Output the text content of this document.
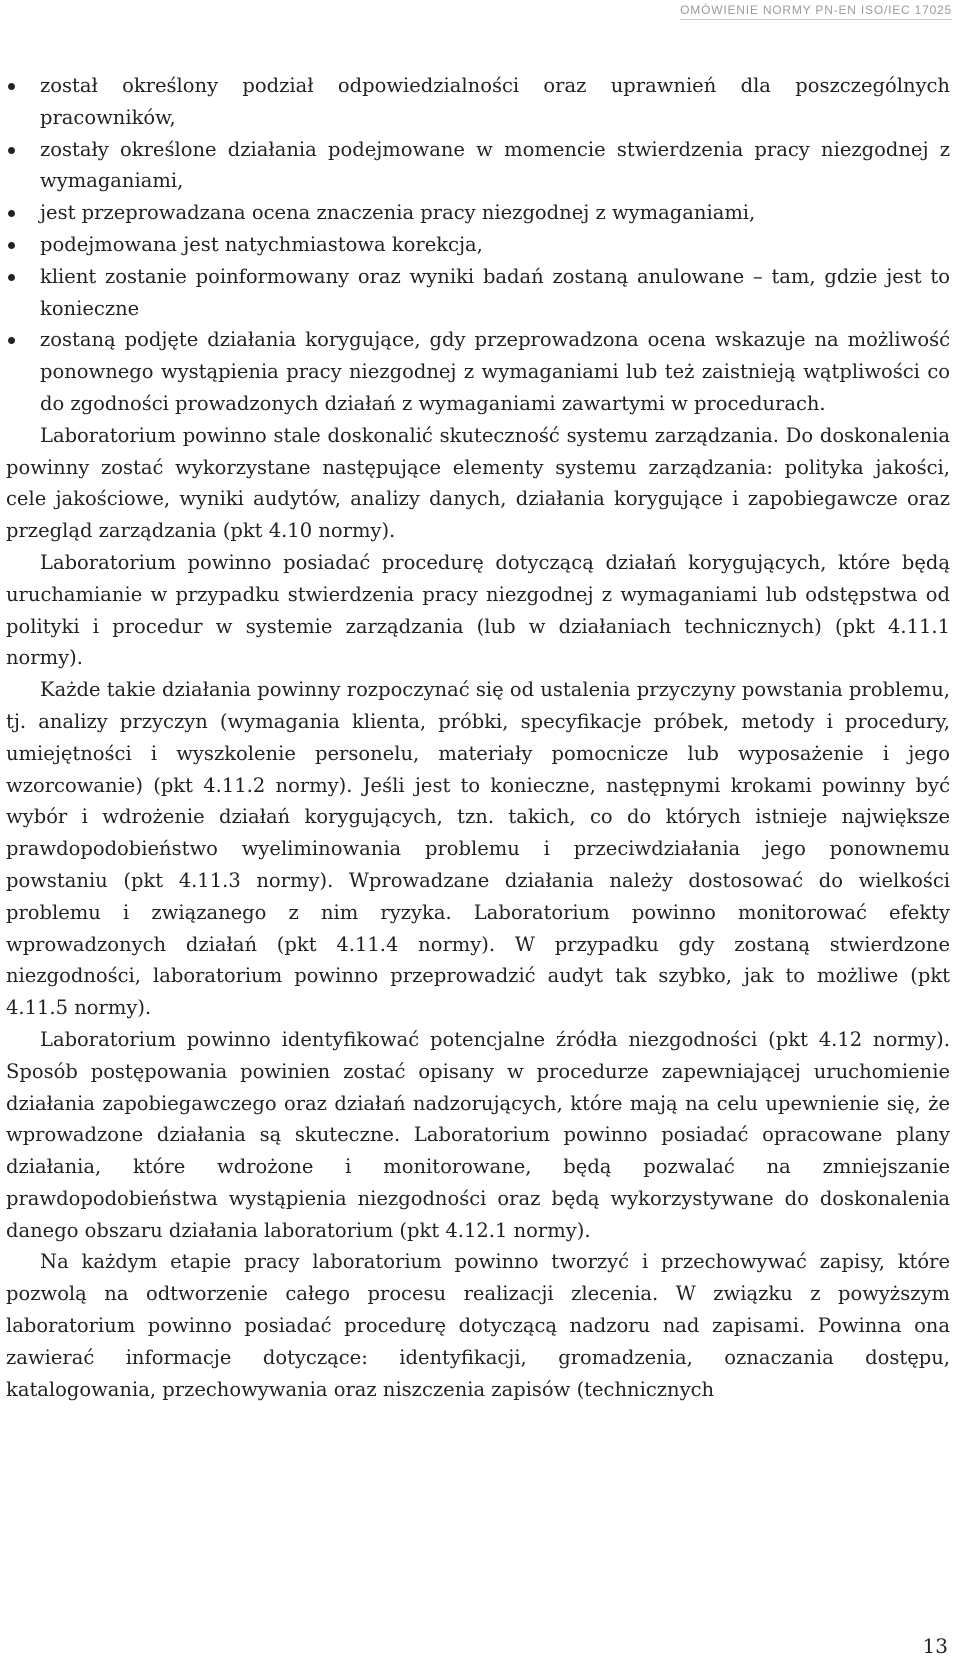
OMÓWIENIE NORMY PN-EN ISO/IEC 17025
został określony podział odpowiedzialności oraz uprawnień dla poszczególnych pracowników,
zostały określone działania podejmowane w momencie stwierdzenia pracy niezgodnej z wymaganiami,
jest przeprowadzana ocena znaczenia pracy niezgodnej z wymaganiami,
podejmowana jest natychmiastowa korekcja,
klient zostanie poinformowany oraz wyniki badań zostaną anulowane – tam, gdzie jest to konieczne
zostaną podjęte działania korygujące, gdy przeprowadzona ocena wskazuje na możliwość ponownego wystąpienia pracy niezgodnej z wymaganiami lub też zaistnieją wątpliwości co do zgodności prowadzonych działań z wymaganiami zawartymi w procedurach.

Laboratorium powinno stale doskonalić skuteczność systemu zarządzania. Do doskonalenia powinny zostać wykorzystane następujące elementy systemu zarządzania: polityka jakości, cele jakościowe, wyniki audytów, analizy danych, działania korygujące i zapobiegawcze oraz przegląd zarządzania (pkt 4.10 normy).

Laboratorium powinno posiadać procedurę dotyczącą działań korygujących, które będą uruchamianie w przypadku stwierdzenia pracy niezgodnej z wymaganiami lub odstępstwa od polityki i procedur w systemie zarządzania (lub w działaniach technicznych) (pkt 4.11.1 normy).

Każde takie działania powinny rozpoczynać się od ustalenia przyczyny powstania problemu, tj. analizy przyczyn (wymagania klienta, próbki, specyfikacje próbek, metody i procedury, umiejętności i wyszkolenie personelu, materiały pomocnicze lub wyposażenie i jego wzorcowanie) (pkt 4.11.2 normy). Jeśli jest to konieczne, następnymi krokami powinny być wybór i wdrożenie działań korygujących, tzn. takich, co do których istnieje największe prawdopodobieństwo wyeliminowania problemu i przeciwdziałania jego ponownemu powstaniu (pkt 4.11.3 normy). Wprowadzane działania należy dostosować do wielkości problemu i związanego z nim ryzyka. Laboratorium powinno monitorować efekty wprowadzonych działań (pkt 4.11.4 normy). W przypadku gdy zostaną stwierdzone niezgodności, laboratorium powinno przeprowadzić audyt tak szybko, jak to możliwe (pkt 4.11.5 normy).

Laboratorium powinno identyfikować potencjalne źródła niezgodności (pkt 4.12 normy). Sposób postępowania powinien zostać opisany w procedurze zapewniającej uruchomienie działania zapobiegawczego oraz działań nadzorujących, które mają na celu upewnienie się, że wprowadzone działania są skuteczne. Laboratorium powinno posiadać opracowane plany działania, które wdrożone i monitorowane, będą pozwalać na zmniejszanie prawdopodobieństwa wystąpienia niezgodności oraz będą wykorzystywane do doskonalenia danego obszaru działania laboratorium (pkt 4.12.1 normy).

Na każdym etapie pracy laboratorium powinno tworzyć i przechowywać zapisy, które pozwolą na odtworzenie całego procesu realizacji zlecenia. W związku z powyższym laboratorium powinno posiadać procedurę dotyczącą nadzoru nad zapisami. Powinna ona zawierać informacje dotyczące: identyfikacji, gromadzenia, oznaczania dostępu, katalogowania, przechowywania oraz niszczenia zapisów (technicznych

13
